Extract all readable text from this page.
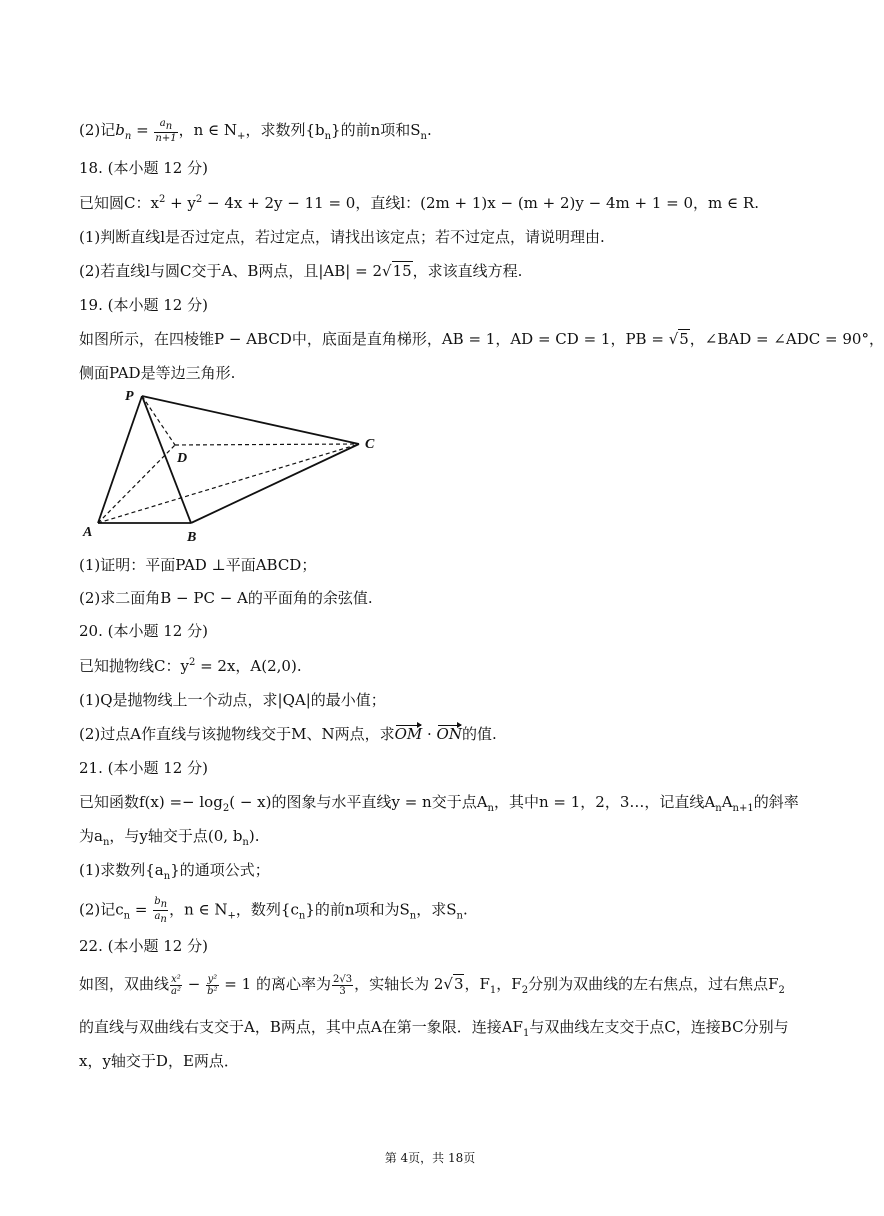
(2)记$b_n = \frac{a_n}{n+1}$ ，n ∈ $N_+$，求数列$\{b_n\}$的前n项和$S_n$.
18. (本小题 12 分)
已知圆C：$x^2 + y^2 - 4x + 2y - 11 = 0$，直线l：(2m + 1)x − (m + 2)y − 4m + 1 = 0，m ∈ R.
(1)判断直线l是否过定点，若过定点，请找出该定点；若不过定点，请说明理由.
(2)若直线l与圆C交于A、B两点，且|AB| = 2√15，求该直线方程.
19. (本小题 12 分)
如图所示，在四棱锥P − ABCD中，底面是直角梯形，AB = 1，AD = CD = 1，PB = √5，∠BAD = ∠ADC = 90°，
侧面PAD是等边三角形.
P
D
C
A	B
(1)证明：平面PAD ⊥平面ABCD；
(2)求二面角B − PC − A的平面角的余弦值.
20. (本小题 12 分)
已知抛物线C：$y^2 = 2x$，A(2,0).
(1)Q是抛物线上一个动点，求|QA|的最小值；
(2)过点A作直线与该抛物线交于M、N两点，求OM · ON的值.
21. (本小题 12 分)
已知函数$f(x) =- \log_2( - x)$的图象与水平直线y = n交于点$A_n$，其中n = 1，2，3…，记直线$A_nA_{n+1}$的斜率
为$a_n$，与y轴交于点(0, $b_n$).
(1)求数列$\{a_n\}$的通项公式；
(2)记$c_n = \frac{b_n}{a_n}$ ，n ∈ $N_+$，数列$\{c_n\}$的前n项和为$S_n$，求$S_n$.
22. (本小题 12 分)
如图，双曲线 $\frac{\text{x²}}{\text{a²}} - \frac{\text{y²}}{\text{b²}} = 1$ 的离心率为 $\frac{2√3}{3}$ ，实轴长为 2√3，$F_1$，$F_2$分别为双曲线的左右焦点，过右焦点$F_2$
的直线与双曲线右支交于A，B两点，其中点A在第一象限．连接$AF_1$与双曲线左支交于点C，连接BC分别与
x，y轴交于D，E两点．
第 4页，共 18页
